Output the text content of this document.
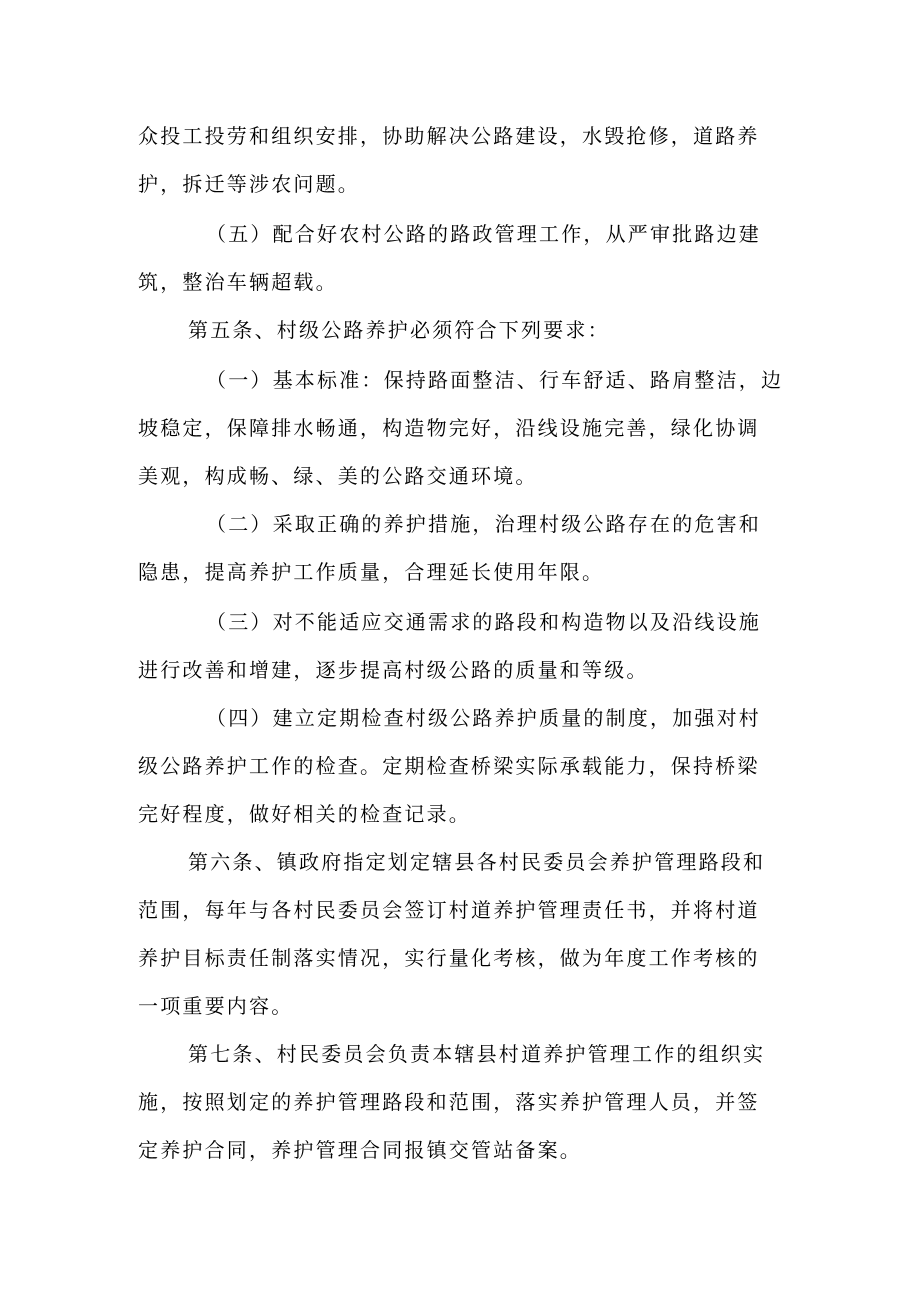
众投工投劳和组织安排，协助解决公路建设，水毁抢修，道路养
护，拆迁等涉农问题。
（五）配合好农村公路的路政管理工作，从严审批路边建
筑，整治车辆超载。
第五条、村级公路养护必须符合下列要求：
（一）基本标准：保持路面整洁、行车舒适、路肩整洁，边
坡稳定，保障排水畅通，构造物完好，沿线设施完善，绿化协调
美观，构成畅、绿、美的公路交通环境。
（二）采取正确的养护措施，治理村级公路存在的危害和
隐患，提高养护工作质量，合理延长使用年限。
（三）对不能适应交通需求的路段和构造物以及沿线设施
进行改善和增建，逐步提高村级公路的质量和等级。
（四）建立定期检查村级公路养护质量的制度，加强对村
级公路养护工作的检查。定期检查桥梁实际承载能力，保持桥梁
完好程度，做好相关的检查记录。
第六条、镇政府指定划定辖县各村民委员会养护管理路段和
范围，每年与各村民委员会签订村道养护管理责任书，并将村道
养护目标责任制落实情况，实行量化考核，做为年度工作考核的
一项重要内容。
第七条、村民委员会负责本辖县村道养护管理工作的组织实
施，按照划定的养护管理路段和范围，落实养护管理人员，并签
定养护合同，养护管理合同报镇交管站备案。
